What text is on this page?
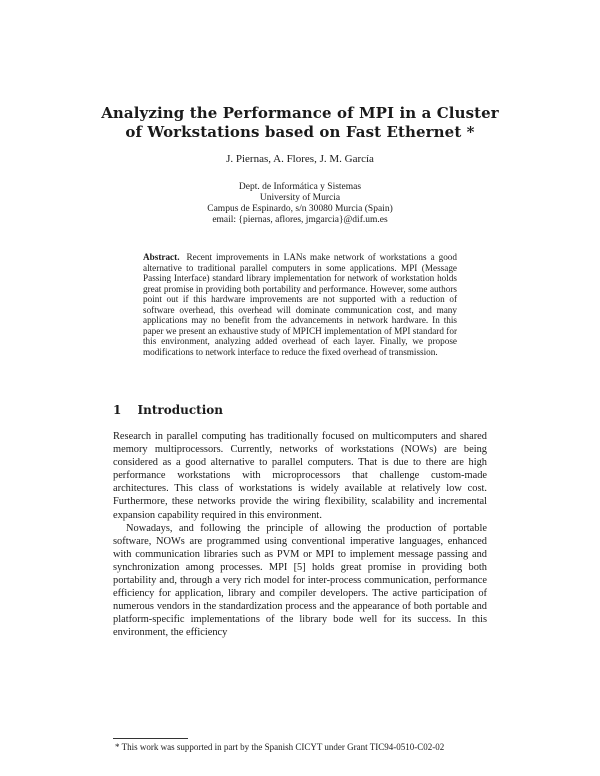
Analyzing the Performance of MPI in a Cluster
of Workstations based on Fast Ethernet *
J. Piernas, A. Flores, J. M. García
Dept. de Informática y Sistemas
University of Murcia
Campus de Espinardo, s/n 30080 Murcia (Spain)
email: {piernas, aflores, jmgarcia}@dif.um.es
Abstract. Recent improvements in LANs make network of workstations a good alternative to traditional parallel computers in some applications. MPI (Message Passing Interface) standard library implementation for network of workstation holds great promise in providing both portability and performance. However, some authors point out if this hardware improvements are not supported with a reduction of software overhead, this overhead will dominate communication cost, and many applications may no benefit from the advancements in network hardware. In this paper we present an exhaustive study of MPICH implementation of MPI standard for this environment, analyzing added overhead of each layer. Finally, we propose modifications to network interface to reduce the fixed overhead of transmission.
1 Introduction

Research in parallel computing has traditionally focused on multicomputers and shared memory multiprocessors. Currently, networks of workstations (NOWs) are being considered as a good alternative to parallel computers. That is due to there are high performance workstations with microprocessors that challenge custom-made architectures. This class of workstations is widely available at relatively low cost. Furthermore, these networks provide the wiring flexibility, scalability and incremental expansion capability required in this environment.

Nowadays, and following the principle of allowing the production of portable software, NOWs are programmed using conventional imperative languages, enhanced with communication libraries such as PVM or MPI to implement message passing and synchronization among processes. MPI [5] holds great promise in providing both portability and, through a very rich model for inter-process communication, performance efficiency for application, library and compiler developers. The active participation of numerous vendors in the standardization process and the appearance of both portable and platform-specific implementations of the library bode well for its success. In this environment, the efficiency

* This work was supported in part by the Spanish CICYT under Grant TIC94-0510-C02-02
